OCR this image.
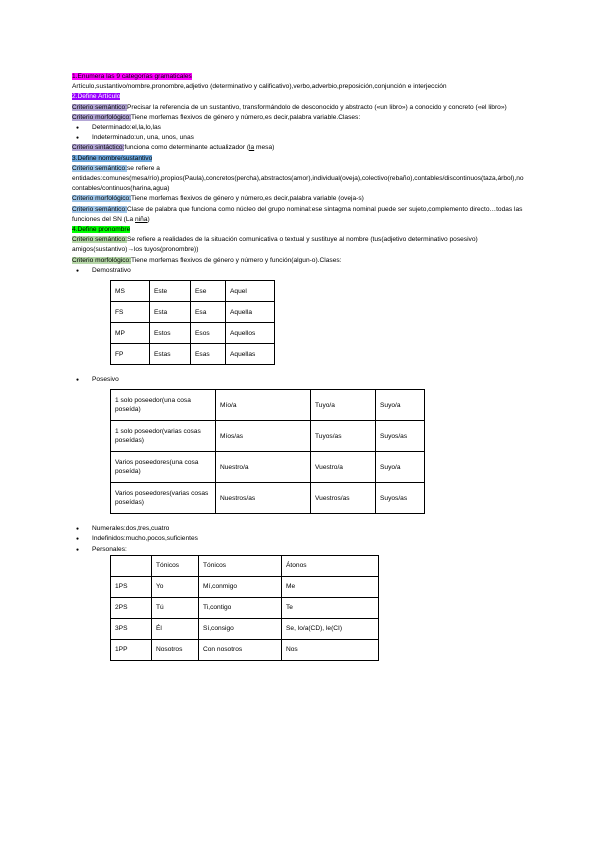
1.Enumera las 9 categorías gramaticales
Artículo,sustantivo/nombre,pronombre,adjetivo (determinativo y calificativo),verbo,adverbio,preposición,conjunción e interjección
2.Define Artículo
Criterio semántico:Precisar la referencia de un sustantivo, transformándolo de desconocido y abstracto («un libro») a conocido y concreto («el libro»)
Criterio morfológico:Tiene morfemas flexivos de género y número,es decir,palabra variable.Clases:
● Determinado:el,la,lo,las
● Indeterminado:un, una, unos, unas
Criterio sintáctico:funciona como determinante actualizador (la mesa)
3.Define nombre/sustantivo
Criterio semántico:se refiere a
entidades:comunes(mesa/río),propios(Paula),concretos(percha),abstractos(amor),individual(oveja),colectivo(rebaño),contables/discontinuos(taza,árbol),no contables/continuos(harina,agua)
Criterio morfológico:Tiene morfemas flexivos de género y número,es decir,palabra variable (oveja-s)
Criterio semántico:Clase de palabra que funciona como núcleo del grupo nominal:ese sintagma nominal puede ser sujeto,complemento directo…todas las funciones del SN (La niña)
4.Define pronombre
Criterio semántico:Se refiere a realidades de la situación comunicativa o textual y sustituye al nombre (tus(adjetivo determinativo posesivo) amigos(sustantivo)→los tuyos(pronombre))
Criterio morfológico:Tiene morfemas flexivos de género y número y función(algun-o).Clases:
● Demostrativo
MS	Este	Ese	Aquel
FS	Esta	Esa	Aquella
MP	Estos	Esos	Aquellos
FP	Estas	Esas	Aquellas
● Posesivo
1 solo poseedor(una cosa poseída)	Mío/a	Tuyo/a	Suyo/a
1 solo poseedor(varias cosas poseídas)	Míos/as	Tuyos/as	Suyos/as
Varios poseedores(una cosa poseída)	Nuestro/a	Vuestro/a	Suyo/a
Varios poseedores(varias cosas poseídas)	Nuestros/as	Vuestros/as	Suyos/as
● Numerales:dos,tres,cuatro
● Indefinidos:mucho,pocos,suficientes
● Personales:
	Tónicos	Tónicos	Átonos
1PS	Yo	Mí,conmigo	Me
2PS	Tú	Ti,contigo	Te
3PS	Él	Sí,consigo	Se, lo/a(CD), le(CI)
1PP	Nosotros	Con nosotros	Nos
